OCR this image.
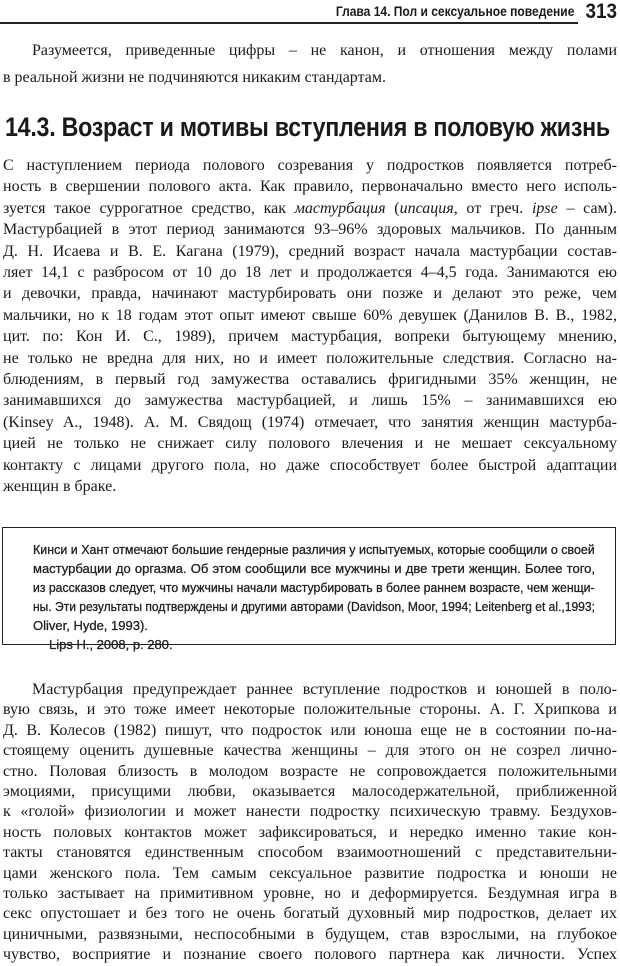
Глава 14. Пол и сексуальное поведение 313
Разумеется, приведенные цифры – не канон, и отношения между полами
в реальной жизни не подчиняются никаким стандартам.
14.3. Возраст и мотивы вступления в половую жизнь
С наступлением периода полового созревания у подростков появляется потреб-
ность в свершении полового акта. Как правило, первоначально вместо него исполь-
зуется такое суррогатное средство, как мастурбация (ипсация, от греч. ipse – сам).
Мастурбацией в этот период занимаются 93–96% здоровых мальчиков. По данным
Д. Н. Исаева и В. Е. Кагана (1979), средний возраст начала мастурбации состав-
ляет 14,1 с разбросом от 10 до 18 лет и продолжается 4–4,5 года. Занимаются ею
и девочки, правда, начинают мастурбировать они позже и делают это реже, чем
мальчики, но к 18 годам этот опыт имеют свыше 60% девушек (Данилов В. В., 1982,
цит. по: Кон И. С., 1989), причем мастурбация, вопреки бытующему мнению,
не только не вредна для них, но и имеет положительные следствия. Согласно на-
блюдениям, в первый год замужества оставались фригидными 35% женщин, не
занимавшихся до замужества мастурбацией, и лишь 15% – занимавшихся ею
(Kinsey A., 1948). А. М. Свядощ (1974) отмечает, что занятия женщин мастурба-
цией не только не снижает силу полового влечения и не мешает сексуальному
контакту с лицами другого пола, но даже способствует более быстрой адаптации
женщин в браке.
Кинси и Хант отмечают большие гендерные различия у испытуемых, которые сообщили о своей
мастурбации до оргазма. Об этом сообщили все мужчины и две трети женщин. Более того,
из рассказов следует, что мужчины начали мастурбировать в более раннем возрасте, чем женщи-
ны. Эти результаты подтверждены и другими авторами (Davidson, Moor, 1994; Leitenberg et al.,1993;
Oliver, Hyde, 1993).
Lips H., 2008, p. 280.
Мастурбация предупреждает раннее вступление подростков и юношей в поло-
вую связь, и это тоже имеет некоторые положительные стороны. А. Г. Хрипкова и
Д. В. Колесов (1982) пишут, что подросток или юноша еще не в состоянии по-на-
стоящему оценить душевные качества женщины – для этого он не созрел лично-
стно. Половая близость в молодом возрасте не сопровождается положительными
эмоциями, присущими любви, оказывается малосодержательной, приближенной
к «голой» физиологии и может нанести подростку психическую травму. Бездухов-
ность половых контактов может зафиксироваться, и нередко именно такие кон-
такты становятся единственным способом взаимоотношений с представительни-
цами женского пола. Тем самым сексуальное развитие подростка и юноши не
только застывает на примитивном уровне, но и деформируется. Бездумная игра в
секс опустошает и без того не очень богатый духовный мир подростков, делает их
циничными, развязными, неспособными в будущем, став взрослыми, на глубокое
чувство, восприятие и познание своего полового партнера как личности. Успех
